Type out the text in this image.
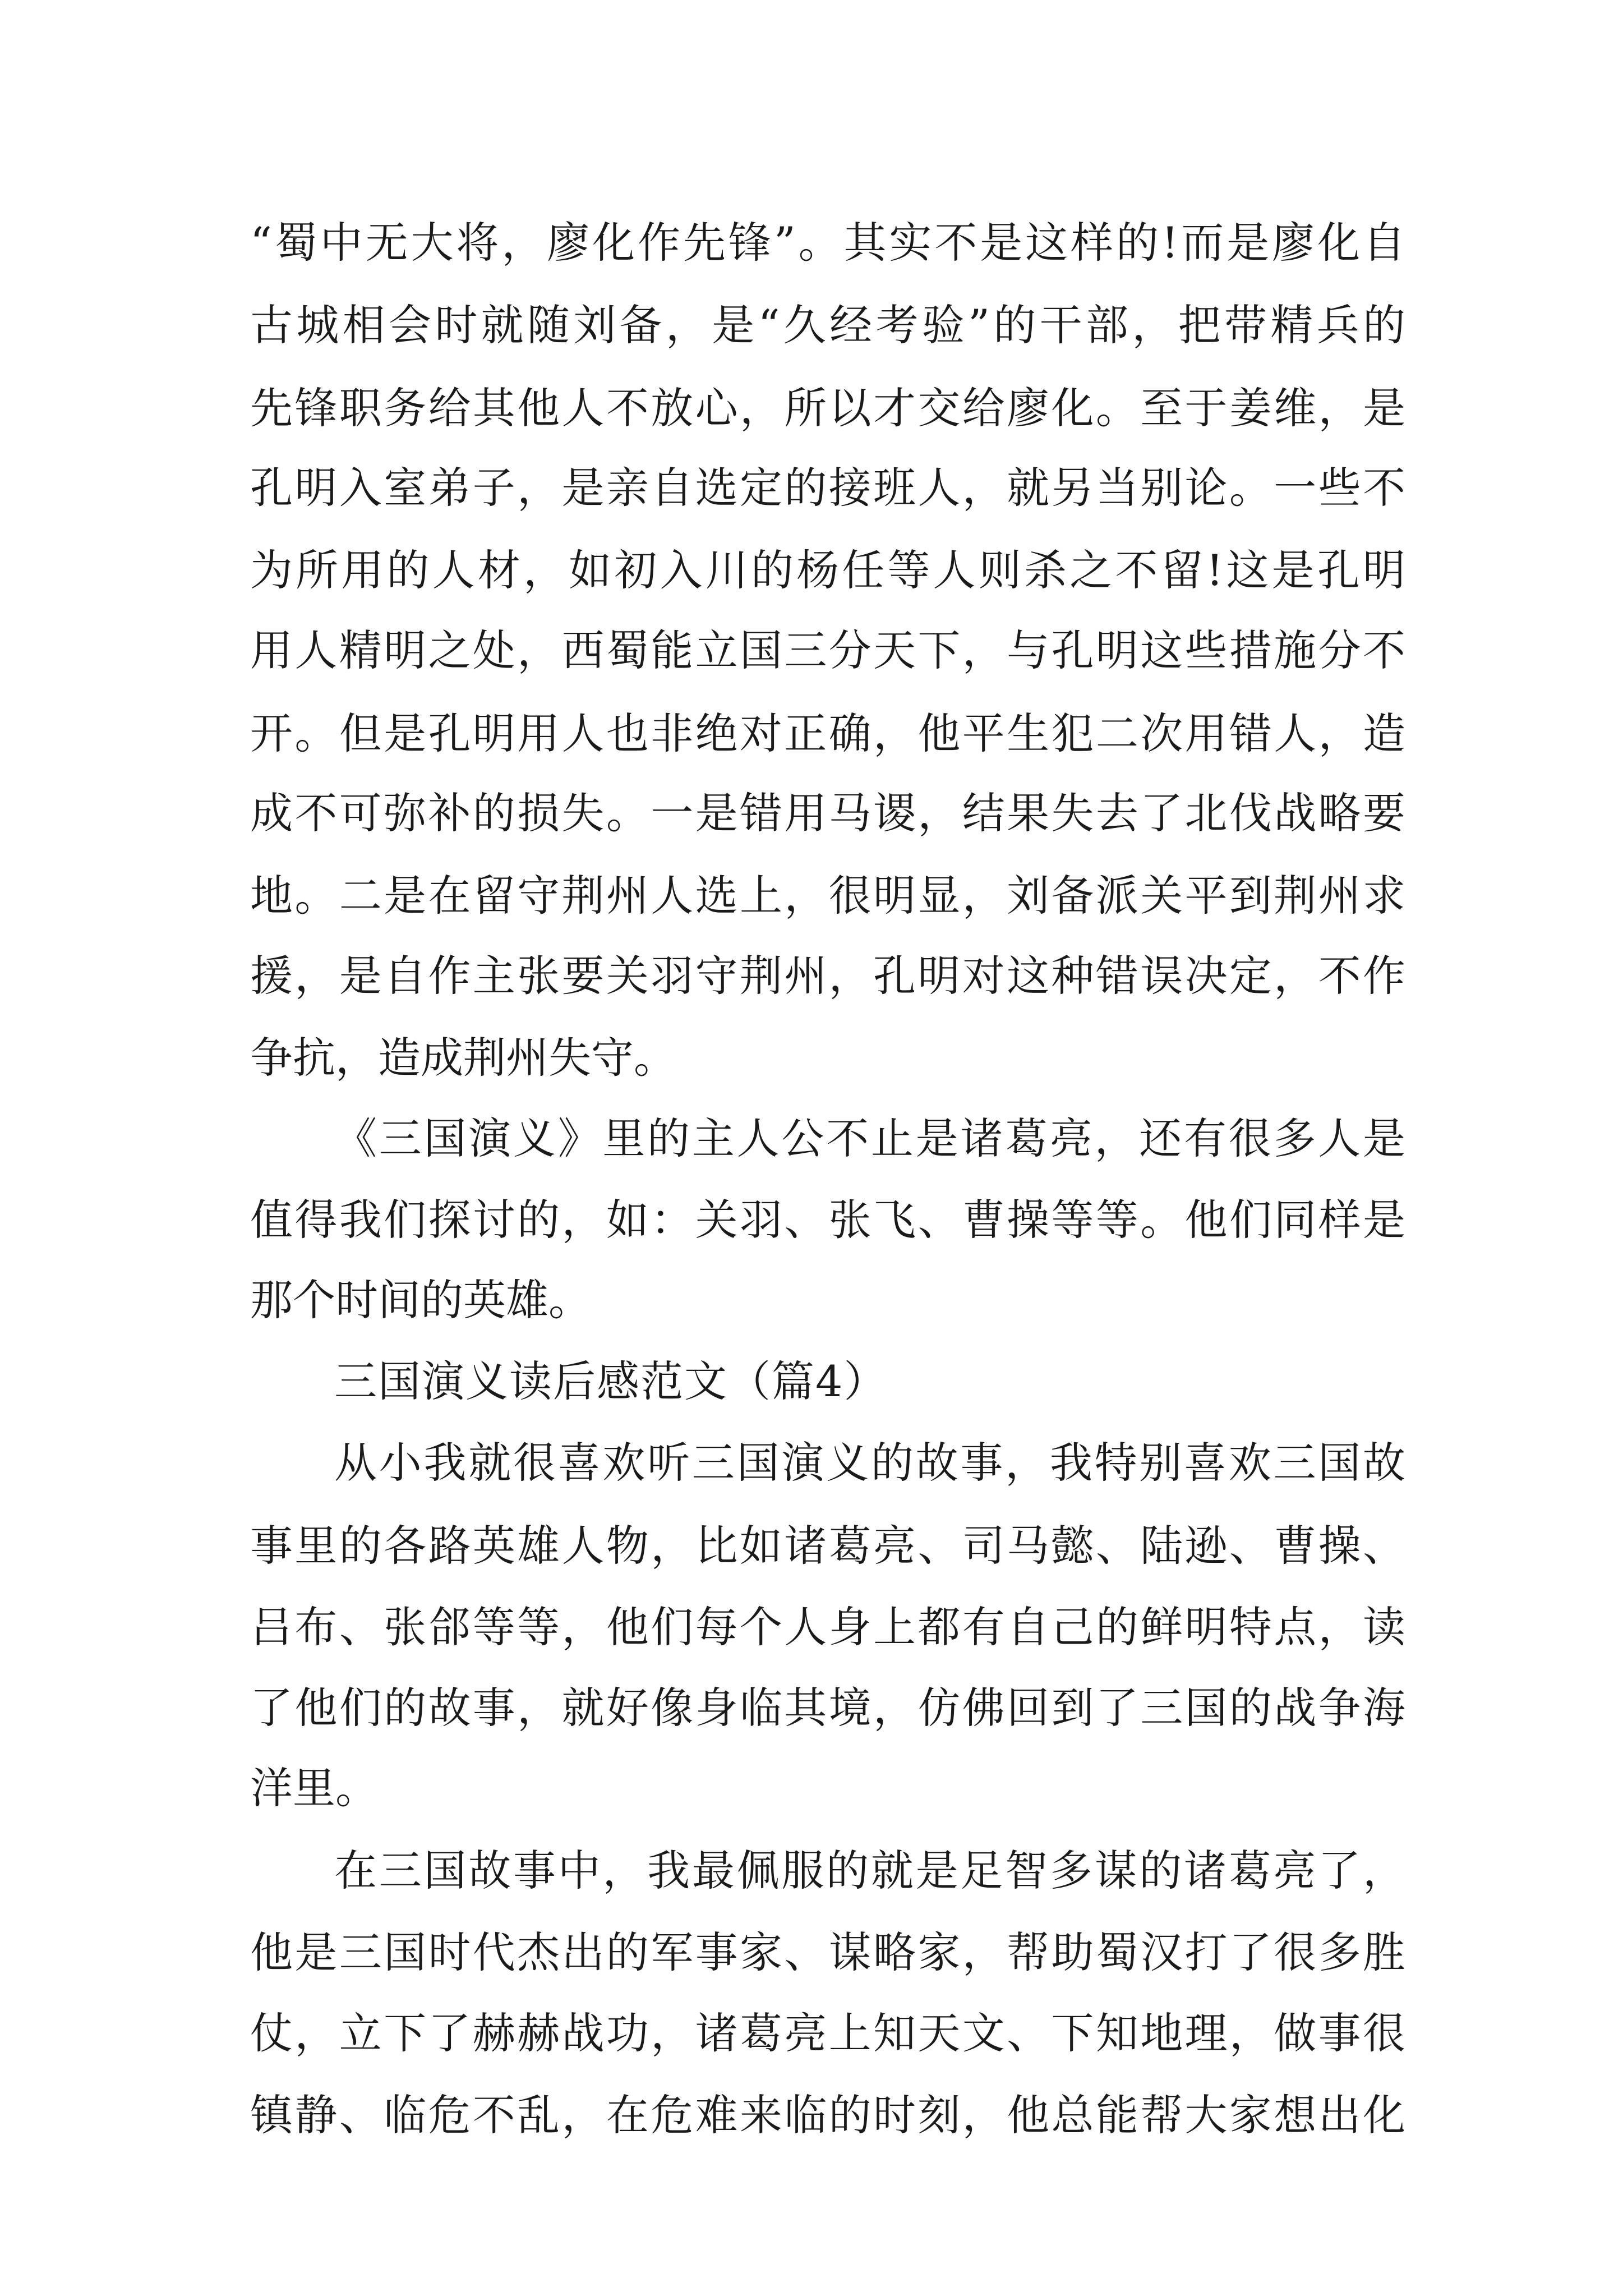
“蜀中无大将，廖化作先锋”。其实不是这样的!而是廖化自
古城相会时就随刘备，是“久经考验”的干部，把带精兵的
先锋职务给其他人不放心，所以才交给廖化。至于姜维，是
孔明入室弟子，是亲自选定的接班人，就另当别论。一些不
为所用的人材，如初入川的杨任等人则杀之不留!这是孔明
用人精明之处，西蜀能立国三分天下，与孔明这些措施分不
开。但是孔明用人也非绝对正确，他平生犯二次用错人，造
成不可弥补的损失。一是错用马谡，结果失去了北伐战略要
地。二是在留守荆州人选上，很明显，刘备派关平到荆州求
援，是自作主张要关羽守荆州，孔明对这种错误决定，不作
争抗，造成荆州失守。
《三国演义》里的主人公不止是诸葛亮，还有很多人是
值得我们探讨的，如：关羽、张飞、曹操等等。他们同样是
那个时间的英雄。
三国演义读后感范文（篇4）
从小我就很喜欢听三国演义的故事，我特别喜欢三国故
事里的各路英雄人物，比如诸葛亮、司马懿、陆逊、曹操、
吕布、张郃等等，他们每个人身上都有自己的鲜明特点，读
了他们的故事，就好像身临其境，仿佛回到了三国的战争海
洋里。
在三国故事中，我最佩服的就是足智多谋的诸葛亮了，
他是三国时代杰出的军事家、谋略家，帮助蜀汉打了很多胜
仗，立下了赫赫战功，诸葛亮上知天文、下知地理，做事很
镇静、临危不乱，在危难来临的时刻，他总能帮大家想出化
